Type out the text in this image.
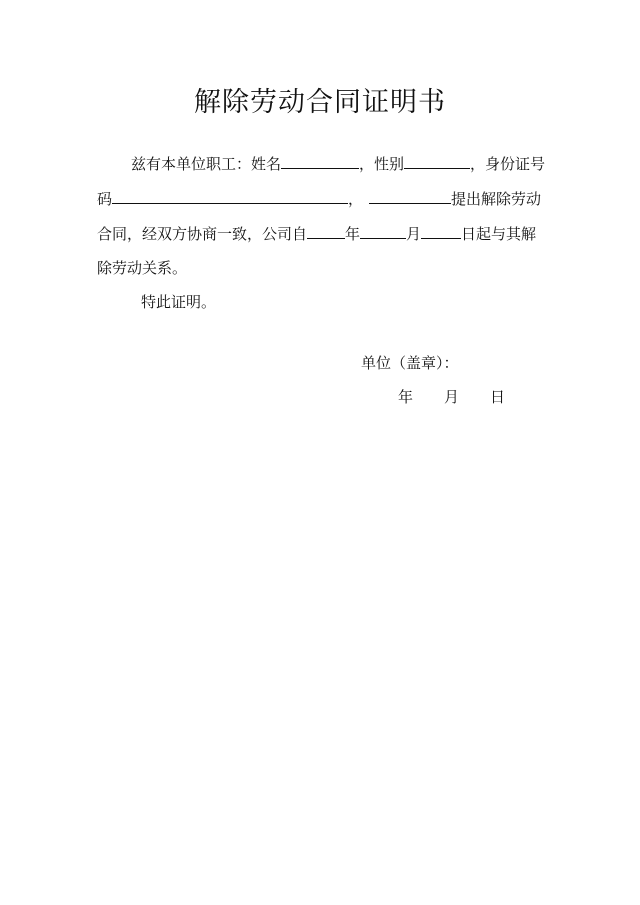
解除劳动合同证明书
兹有本单位职工：姓名	，性别	，身份证号
码	，	提出解除劳动
合同，经双方协商一致，公司自	年	月	日起与其解
除劳动关系。
特此证明。
单位（盖章）：
年	月	日
